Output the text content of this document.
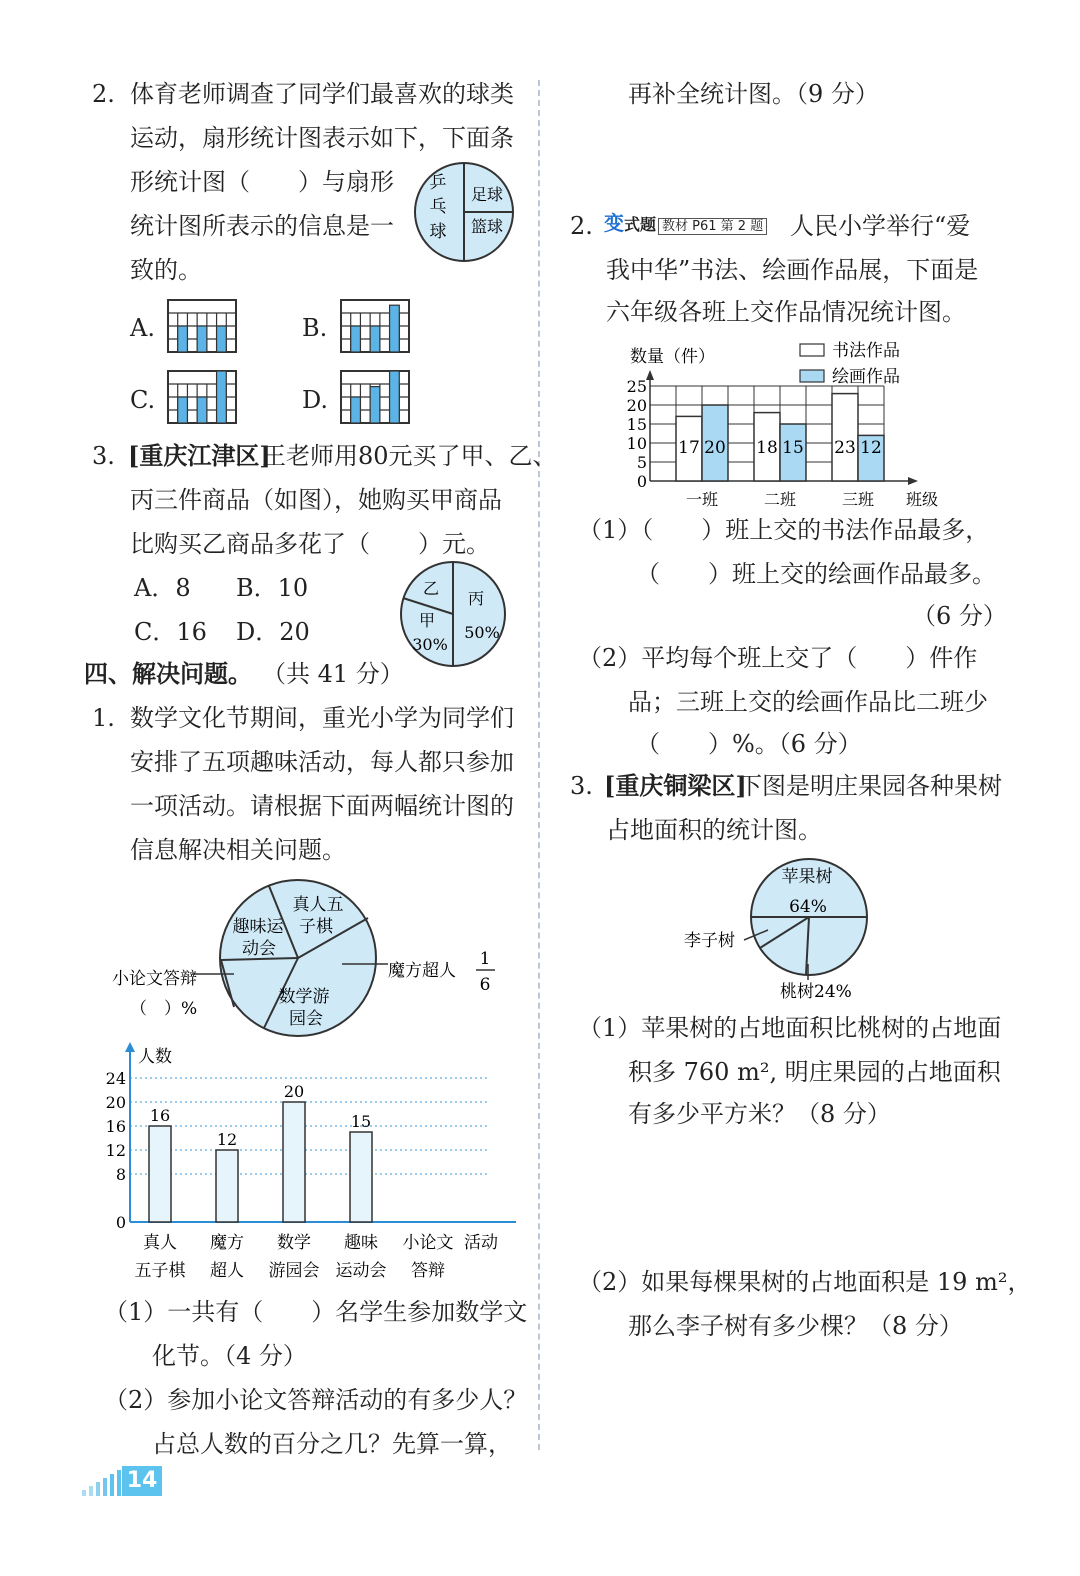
2. 体育老师调查了同学们最喜欢的球类
运动，扇形统计图表示如下，下面条
形统计图（　　）与扇形
统计图所表示的信息是一
致的。
乒
乓
球
足球
篮球
A.	B.
C.	D.
3. [重庆江津区]
王老师用80元买了甲、乙、
丙三件商品（如图），她购买甲商品
比购买乙商品多花了（　　）元。
A．8 B．10
C．16 D．20
乙
甲
30%
丙
50%
四、解决问题。 （共 41 分）
1. 数学文化节期间，重光小学为同学们
安排了五项趣味活动，每人都只参加
一项活动。请根据下面两幅统计图的
信息解决相关问题。
真人五
子棋
趣味运
动会
数学游
园会
魔方超人
1
6
小论文答辩
（　）%
人数
0
8
12
16
20
24
真人
五子棋
16
魔方
超人
12
数学
游园会
20
趣味
运动会
15
小论文
答辩
活动
（1）一共有（　　）名学生参加数学文
化节。（4 分）
（2）参加小论文答辩活动的有多少人？
占总人数的百分之几？先算一算，
14
再补全统计图。（9 分）
2. 变式题 教材 P61 第 2 题 人民小学举行“爱
我中华”书法、绘画作品展，下面是
六年级各班上交作品情况统计图。
数量（件）
0
5
10
15
20
25
17 20
一班
18 15
二班
23 12
三班 班级
书法作品
绘画作品
（1）（　　）班上交的书法作品最多，
（　　）班上交的绘画作品最多。
（6 分）
（2）平均每个班上交了（　　）件作
品；三班上交的绘画作品比二班少
（　　）%。（6 分）
3. [重庆铜梁区]
下图是明庄果园各种果树
占地面积的统计图。
苹果树
64%
李子树
桃树24%
（1）苹果树的占地面积比桃树的占地面
积多 760 m², 明庄果园的占地面积
有多少平方米？（8 分）
（2）如果每棵果树的占地面积是 19 m²，
那么李子树有多少棵？（8 分）
